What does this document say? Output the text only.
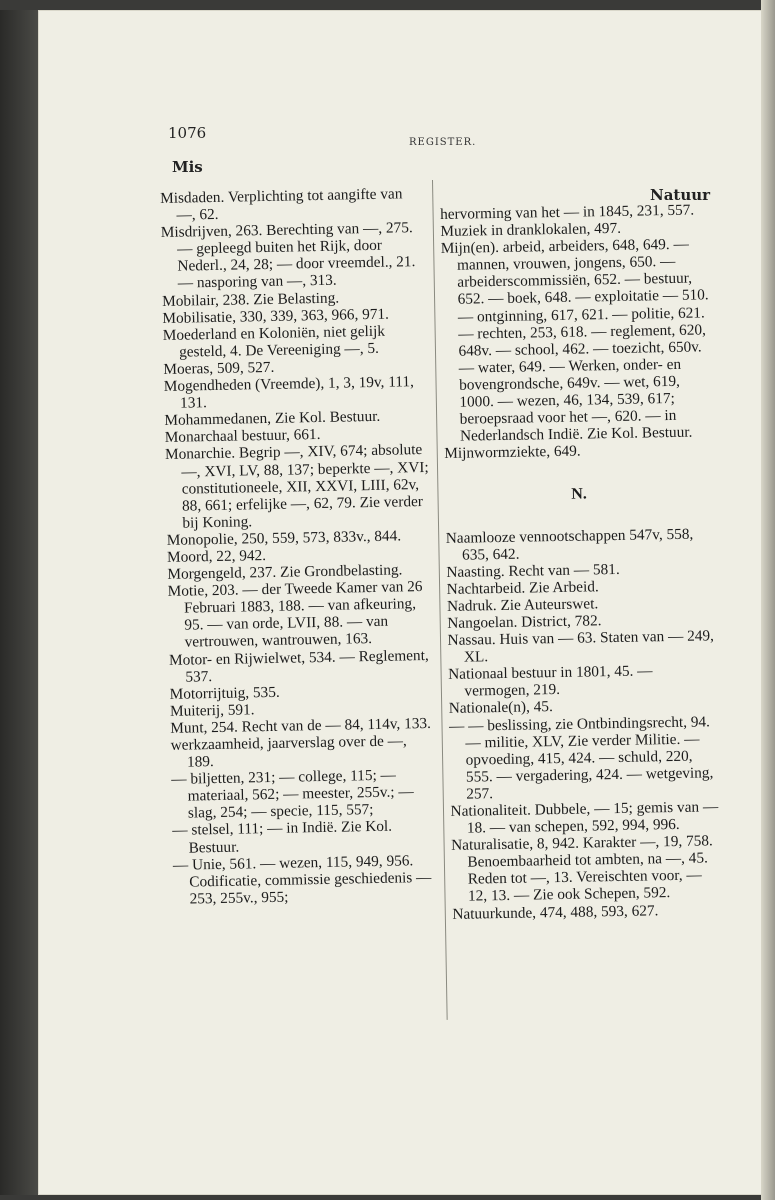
1076
REGISTER.
Mis
Natuur

Misdaden. Verplichting tot aangifte van —, 62.

Misdrijven, 263. Berechting van —, 275. — gepleegd buiten het Rijk, door Nederl., 24, 28; — door vreemdel., 21. — nasporing van —, 313.

Mobilair, 238. Zie Belasting.

Mobilisatie, 330, 339, 363, 966, 971.

Moederland en Koloniën, niet gelijk gesteld, 4. De Vereeniging —, 5.

Moeras, 509, 527.

Mogendheden (Vreemde), 1, 3, 19v, 111, 131.

Mohammedanen, Zie Kol. Bestuur.

Monarchaal bestuur, 661.

Monarchie. Begrip —, XIV, 674; absolute —, XVI, LV, 88, 137; beperkte —, XVI; constitutioneele, XII, XXVI, LIII, 62v, 88, 661; erfelijke —, 62, 79. Zie verder bij Koning.

Monopolie, 250, 559, 573, 833v., 844.

Moord, 22, 942.

Morgengeld, 237. Zie Grondbelasting.

Motie, 203. — der Tweede Kamer van 26 Februari 1883, 188. — van afkeuring, 95. — van orde, LVII, 88. — van vertrouwen, wantrouwen, 163.

Motor- en Rijwielwet, 534. — Reglement, 537.

Motorrijtuig, 535.

Muiterij, 591.

Munt, 254. Recht van de — 84, 114v, 133.

werkzaamheid, jaarverslag over de —, 189.

— biljetten, 231; — college, 115; — materiaal, 562; — meester, 255v.; — slag, 254; — specie, 115, 557;

— stelsel, 111; — in Indië. Zie Kol. Bestuur.

— Unie, 561. — wezen, 115, 949, 956. Codificatie, commissie geschiedenis — 253, 255v., 955;

hervorming van het — in 1845, 231, 557.

Muziek in dranklokalen, 497.

Mijn(en). arbeid, arbeiders, 648, 649. — mannen, vrouwen, jongens, 650. — arbeiderscommissiën, 652. — bestuur, 652. — boek, 648. — exploitatie — 510. — ontginning, 617, 621. — politie, 621. — rechten, 253, 618. — reglement, 620, 648v. — school, 462. — toezicht, 650v. — water, 649. — Werken, onder- en bovengrondsche, 649v. — wet, 619, 1000. — wezen, 46, 134, 539, 617; beroepsraad voor het —, 620. — in Nederlandsch Indië. Zie Kol. Bestuur.

Mijnwormziekte, 649.

N.

Naamlooze vennootschappen 547v, 558, 635, 642.

Naasting. Recht van — 581.

Nachtarbeid. Zie Arbeid.

Nadruk. Zie Auteurswet.

Nangoelan. District, 782.

Nassau. Huis van — 63. Staten van — 249, XL.

Nationaal bestuur in 1801, 45. — vermogen, 219.

Nationale(n), 45.

— — beslissing, zie Ontbindingsrecht, 94. — militie, XLV, Zie verder Militie. — opvoeding, 415, 424. — schuld, 220, 555. — vergadering, 424. — wetgeving, 257.

Nationaliteit. Dubbele, — 15; gemis van — 18. — van schepen, 592, 994, 996.

Naturalisatie, 8, 942. Karakter —, 19, 758. Benoembaarheid tot ambten, na —, 45. Reden tot —, 13. Vereischten voor, — 12, 13. — Zie ook Schepen, 592.

Natuurkunde, 474, 488, 593, 627.
